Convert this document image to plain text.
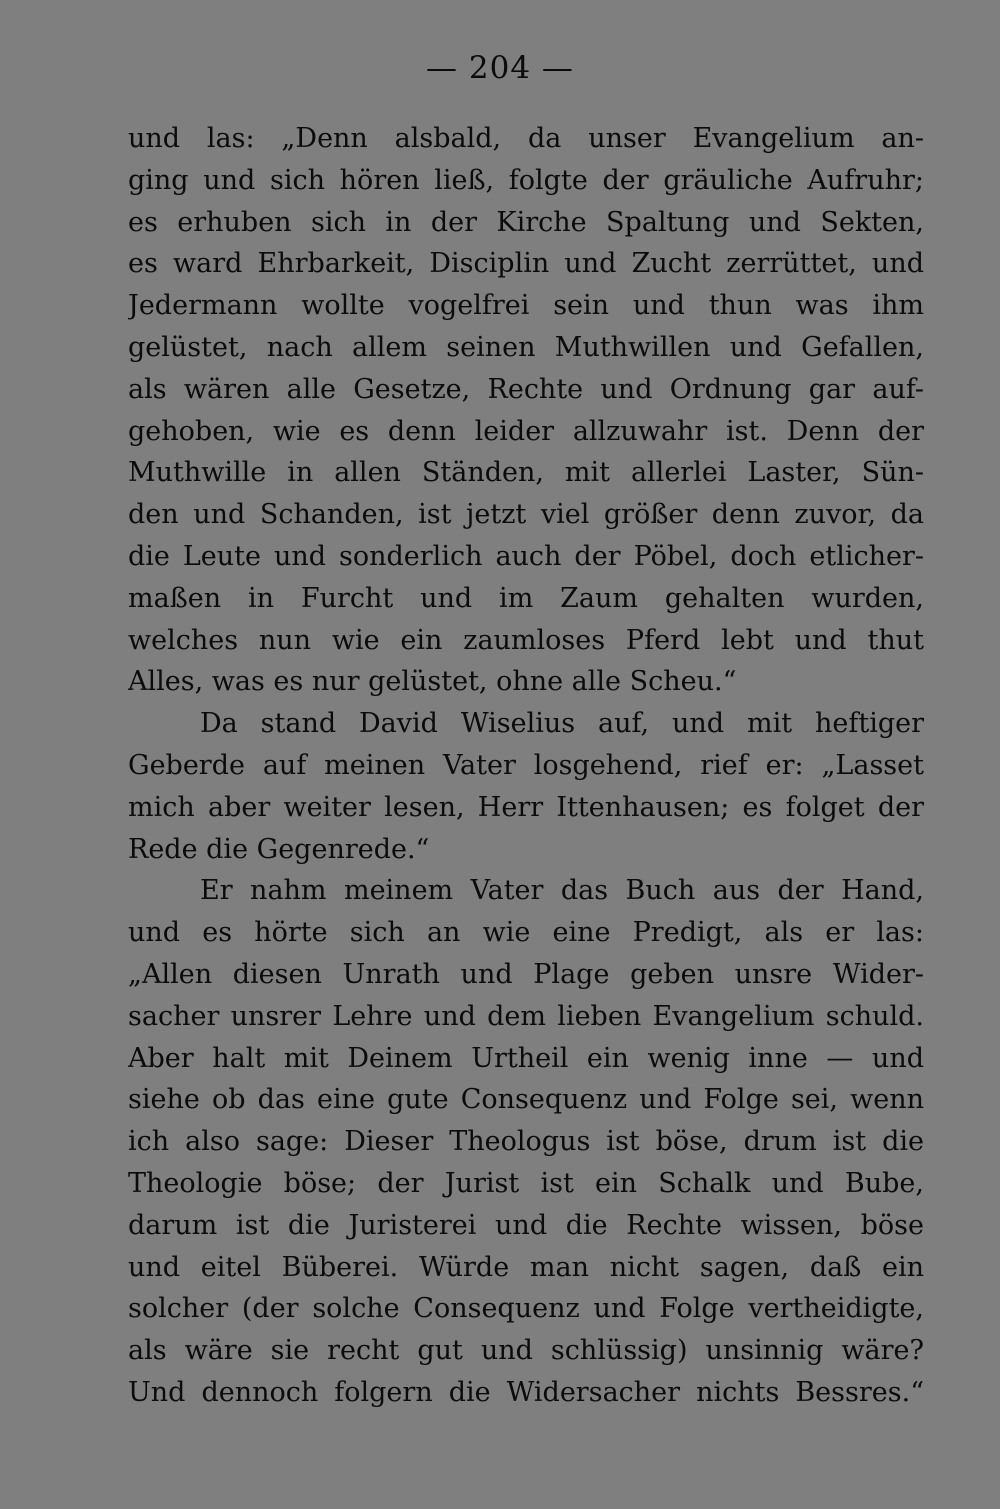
— 204 —
und las: „Denn alsbald, da unser Evangelium an-
ging und sich hören ließ, folgte der gräuliche Aufruhr;
es erhuben sich in der Kirche Spaltung und Sekten,
es ward Ehrbarkeit, Disciplin und Zucht zerrüttet, und
Jedermann wollte vogelfrei sein und thun was ihm
gelüstet, nach allem seinen Muthwillen und Gefallen,
als wären alle Gesetze, Rechte und Ordnung gar auf-
gehoben, wie es denn leider allzuwahr ist. Denn der
Muthwille in allen Ständen, mit allerlei Laster, Sün-
den und Schanden, ist jetzt viel größer denn zuvor, da
die Leute und sonderlich auch der Pöbel, doch etlicher-
maßen in Furcht und im Zaum gehalten wurden,
welches nun wie ein zaumloses Pferd lebt und thut
Alles, was es nur gelüstet, ohne alle Scheu.“
Da stand David Wiselius auf, und mit heftiger
Geberde auf meinen Vater losgehend, rief er: „Lasset
mich aber weiter lesen, Herr Ittenhausen; es folget der
Rede die Gegenrede.“
Er nahm meinem Vater das Buch aus der Hand,
und es hörte sich an wie eine Predigt, als er las:
„Allen diesen Unrath und Plage geben unsre Wider-
sacher unsrer Lehre und dem lieben Evangelium schuld.
Aber halt mit Deinem Urtheil ein wenig inne — und
siehe ob das eine gute Consequenz und Folge sei, wenn
ich also sage: Dieser Theologus ist böse, drum ist die
Theologie böse; der Jurist ist ein Schalk und Bube,
darum ist die Juristerei und die Rechte wissen, böse
und eitel Büberei. Würde man nicht sagen, daß ein
solcher (der solche Consequenz und Folge vertheidigte,
als wäre sie recht gut und schlüssig) unsinnig wäre?
Und dennoch folgern die Widersacher nichts Bessres.“
